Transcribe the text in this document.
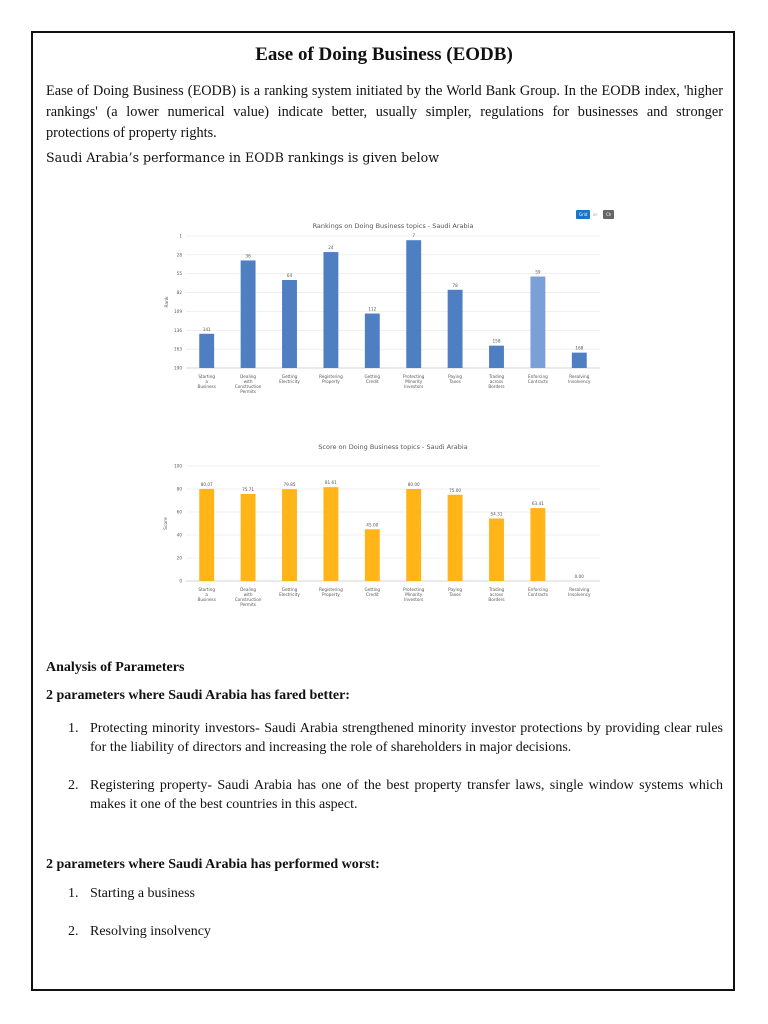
Ease of Doing Business (EODB)
Ease of Doing Business (EODB) is a ranking system initiated by the World Bank Group. In the EODB index, 'higher rankings' (a lower numerical value) indicate better, usually simpler, regulations for businesses and stronger protections of property rights.
Saudi Arabia’s performance in EODB rankings is given below
Grid	or	Ch
Rankings on Doing Business topics - Saudi Arabia
Rank
1
28
55
82
109
136
163
190
141
Starting
a
Business
36
Dealing
with
Construction
Permits
64
Getting
Electricity
24
Registering
Property
112
Getting
Credit
7
Protecting
Minority
Investors
78
Paying
Taxes
158
Trading
across
Borders
59
Enforcing
Contracts
168
Resolving
Insolvency
Score on Doing Business topics - Saudi Arabia
Score
0
20
40
60
80
100
80.07
Starting
a
Business
75.71
Dealing
with
Construction
Permits
79.85
Getting
Electricity
81.61
Registering
Property
45.00
Getting
Credit
80.00
Protecting
Minority
Investors
75.00
Paying
Taxes
54.31
Trading
across
Borders
63.41
Enforcing
Contracts
0.00
Resolving
Insolvency
Analysis of Parameters
2 parameters where Saudi Arabia has fared better:
1. Protecting minority investors- Saudi Arabia strengthened minority investor protections by providing clear rules for the liability of directors and increasing the role of shareholders in major decisions.
2. Registering property- Saudi Arabia has one of the best property transfer laws, single window systems which makes it one of the best countries in this aspect.
2 parameters where Saudi Arabia has performed worst:
1. Starting a business
2. Resolving insolvency
